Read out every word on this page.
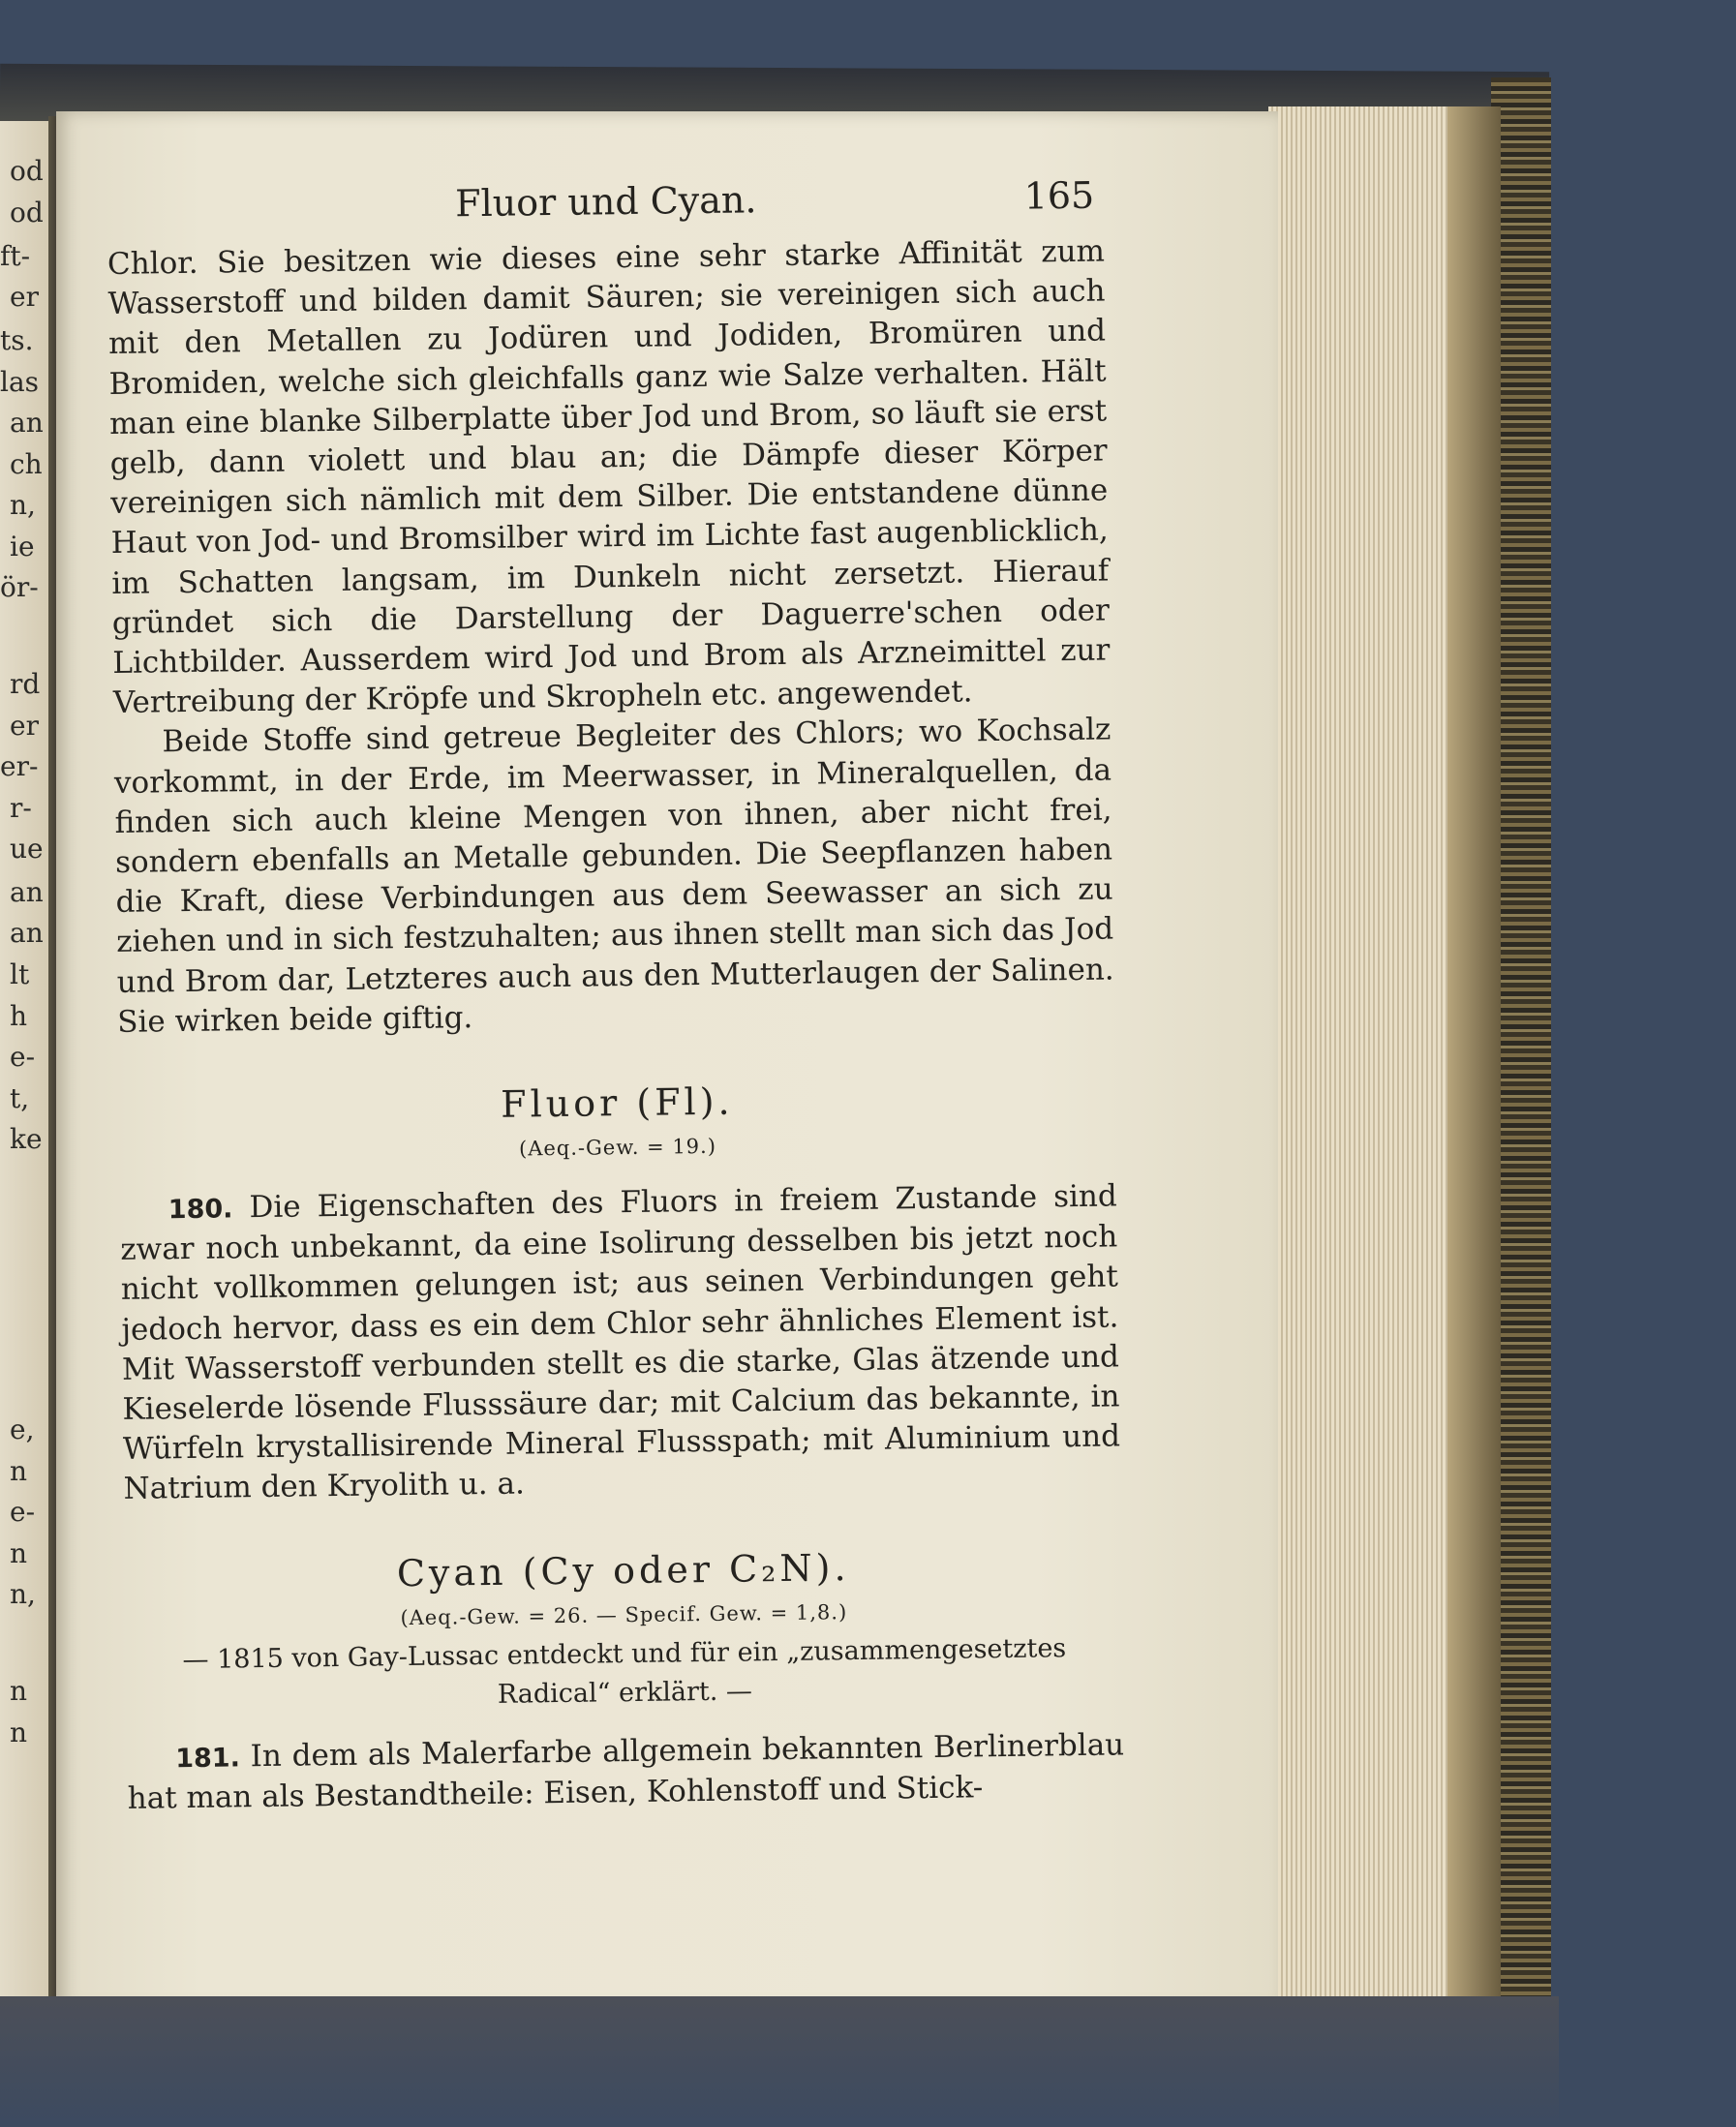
od
od
ft-
er
ts.
las
an
ch
n,
ie
ör-
rd
er
er-
r-
ue
an
an
lt
h
e-
t,
ke
e,
n
e-
n
n,
n
n
Fluor und Cyan.	165

Chlor. Sie besitzen wie dieses eine sehr starke Affinität zum Wasserstoff und bilden damit Säuren; sie vereinigen sich auch mit den Metallen zu Jodüren und Jodiden, Bromüren und Bromiden, welche sich gleichfalls ganz wie Salze verhalten. Hält man eine blanke Silberplatte über Jod und Brom, so läuft sie erst gelb, dann violett und blau an; die Dämpfe dieser Körper vereinigen sich nämlich mit dem Silber. Die entstandene dünne Haut von Jod- und Bromsilber wird im Lichte fast augenblicklich, im Schatten langsam, im Dunkeln nicht zersetzt. Hierauf gründet sich die Darstellung der Daguerre'schen oder Lichtbilder. Ausserdem wird Jod und Brom als Arzneimittel zur Vertreibung der Kröpfe und Skropheln etc. angewendet.

Beide Stoffe sind getreue Begleiter des Chlors; wo Kochsalz vorkommt, in der Erde, im Meerwasser, in Mineralquellen, da finden sich auch kleine Mengen von ihnen, aber nicht frei, sondern ebenfalls an Metalle gebunden. Die Seepflanzen haben die Kraft, diese Verbindungen aus dem Seewasser an sich zu ziehen und in sich festzuhalten; aus ihnen stellt man sich das Jod und Brom dar, Letzteres auch aus den Mutterlaugen der Salinen. Sie wirken beide giftig.

Fluor (Fl).
(Aeq.-Gew. = 19.)

180. Die Eigenschaften des Fluors in freiem Zustande sind zwar noch unbekannt, da eine Isolirung desselben bis jetzt noch nicht vollkommen gelungen ist; aus seinen Verbindungen geht jedoch hervor, dass es ein dem Chlor sehr ähnliches Element ist. Mit Wasserstoff verbunden stellt es die starke, Glas ätzende und Kieselerde lösende Flusssäure dar; mit Calcium das bekannte, in Würfeln krystallisirende Mineral Flussspath; mit Aluminium und Natrium den Kryolith u. a.

Cyan (Cy oder C₂N).
(Aeq.-Gew. = 26. — Specif. Gew. = 1,8.)
— 1815 von Gay-Lussac entdeckt und für ein „zusammengesetztes Radical“ erklärt. —

181. In dem als Malerfarbe allgemein bekannten Berlinerblau hat man als Bestandtheile: Eisen, Kohlenstoff und Stick-
